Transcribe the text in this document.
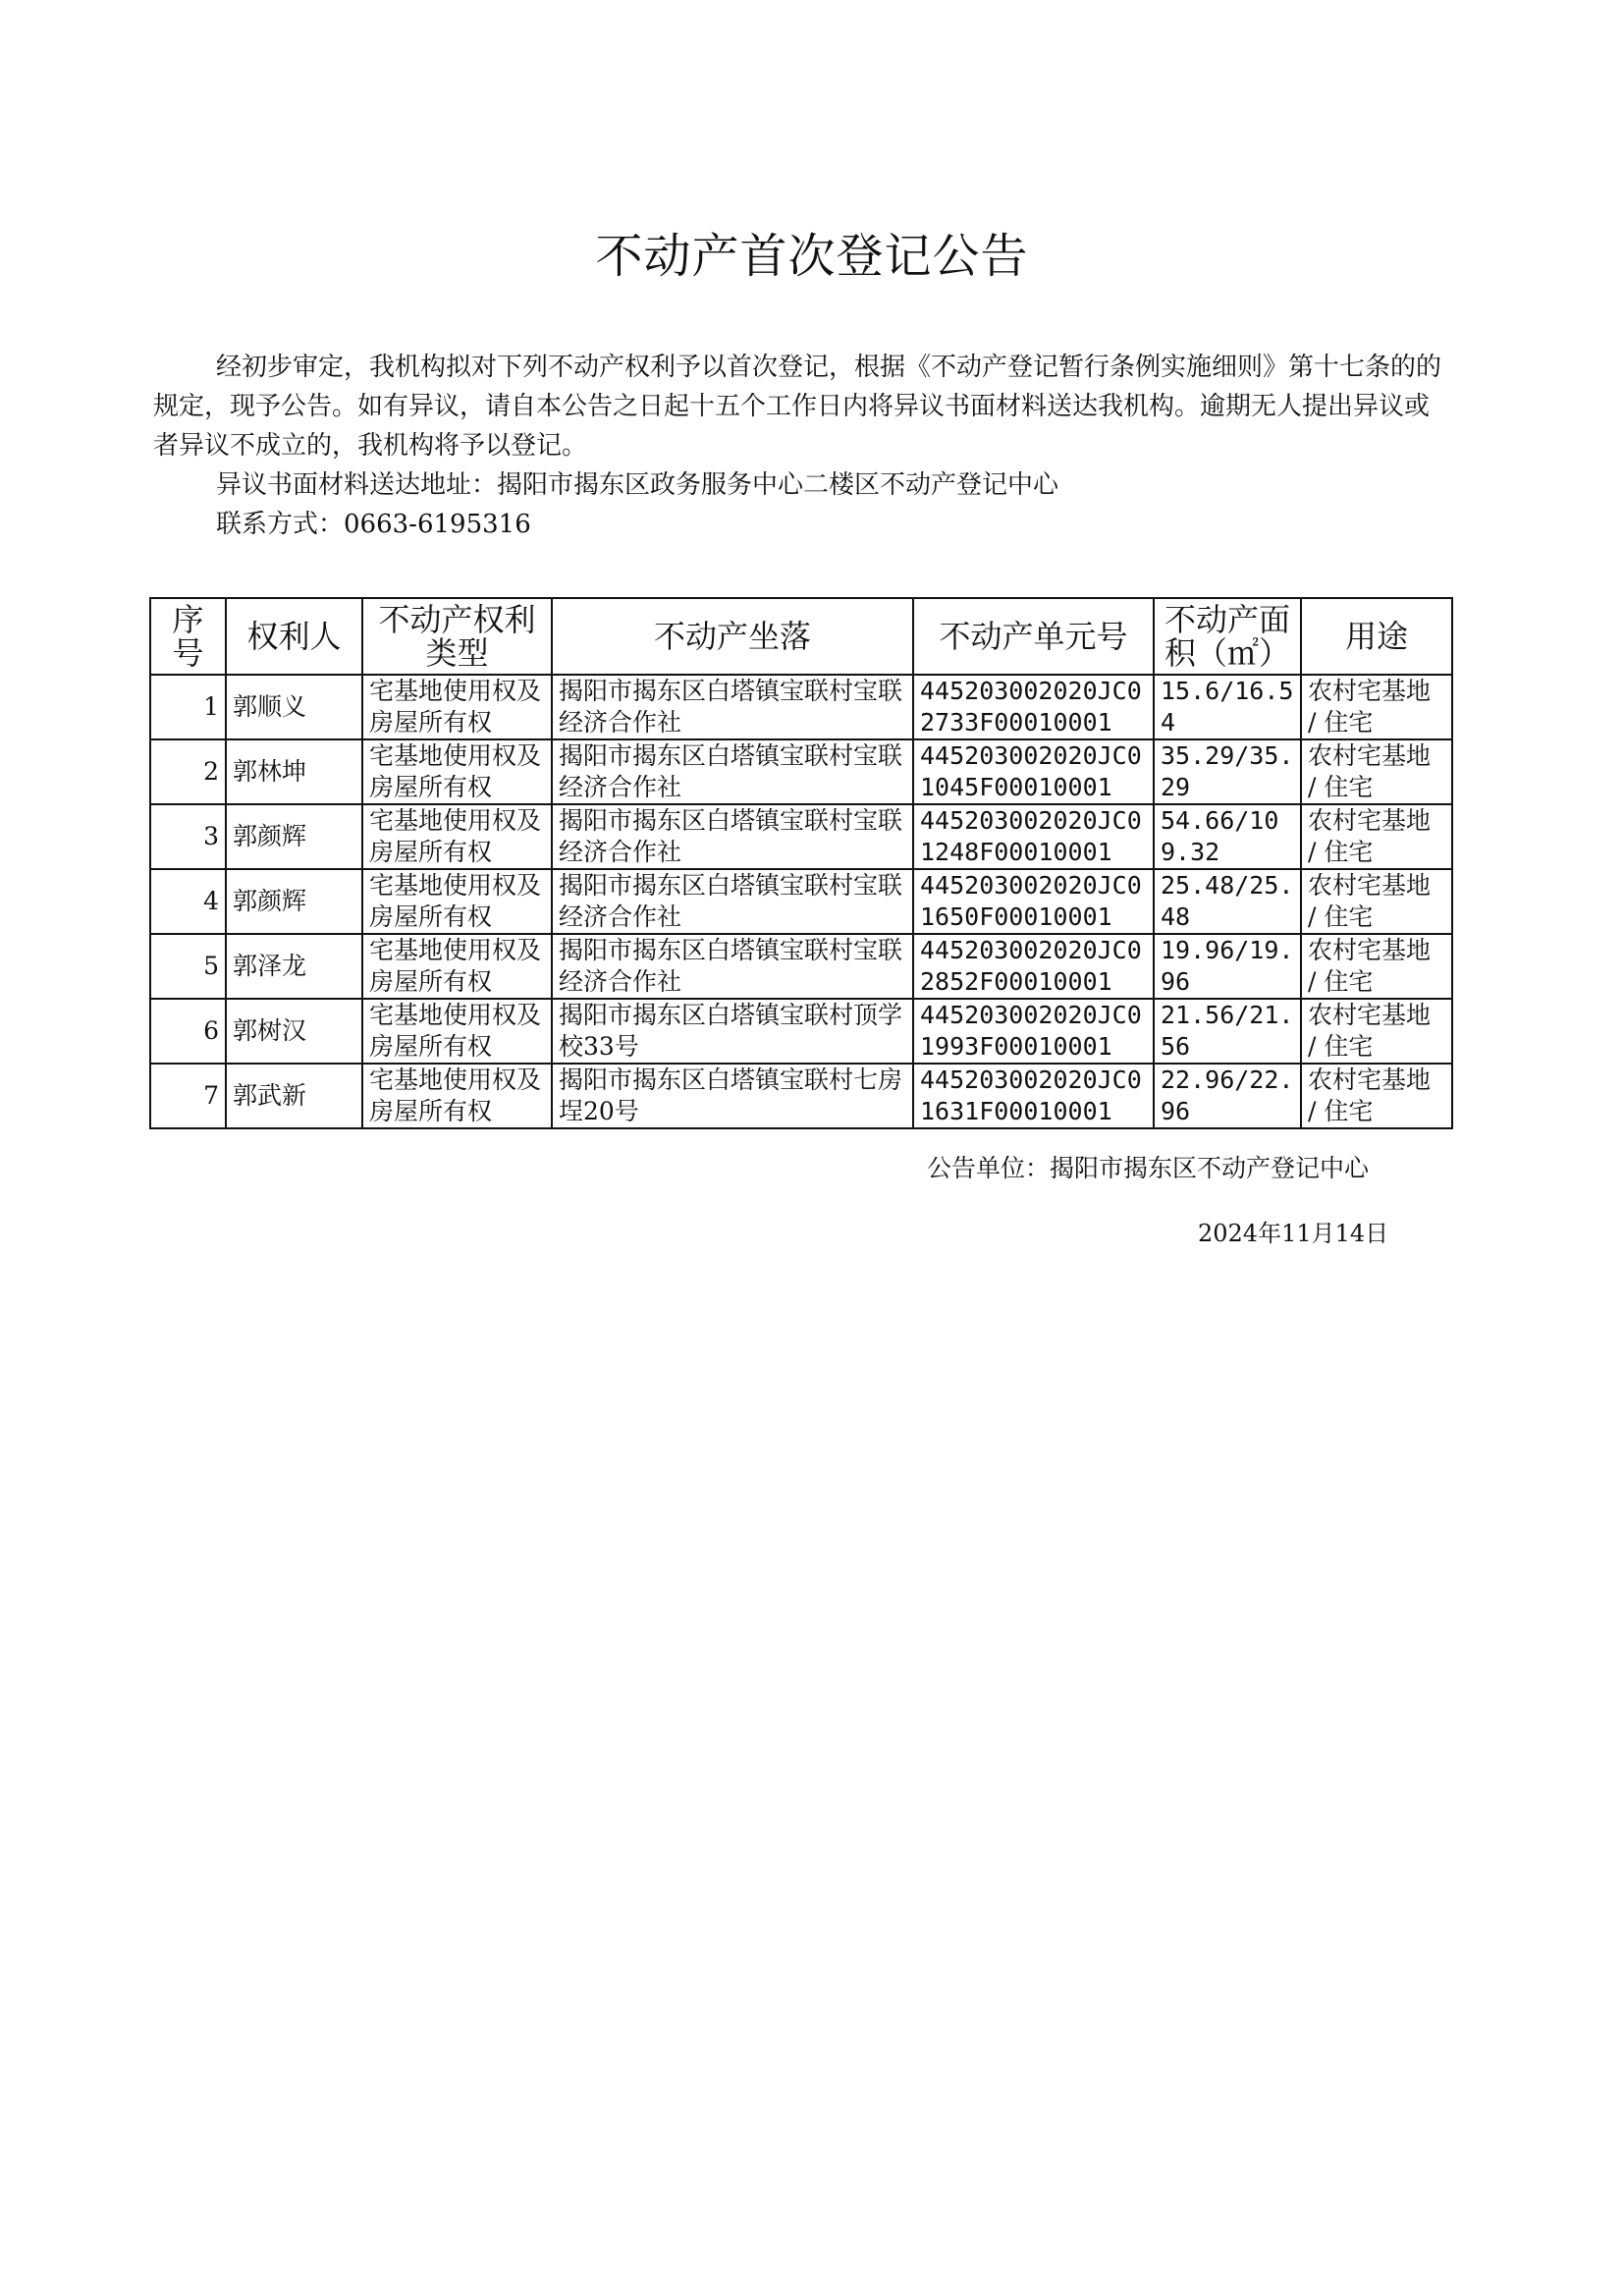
不动产首次登记公告
经初步审定，我机构拟对下列不动产权利予以首次登记，根据《不动产登记暂行条例实施细则》第十七条的的规定，现予公告。如有异议，请自本公告之日起十五个工作日内将异议书面材料送达我机构。逾期无人提出异议或者异议不成立的，我机构将予以登记。
异议书面材料送达地址：揭阳市揭东区政务服务中心二楼区不动产登记中心
联系方式：0663-6195316
序号	权利人	不动产权利类型	不动产坐落	不动产单元号	不动产面积（㎡）	用途
1	郭顺义	宅基地使用权及房屋所有权	揭阳市揭东区白塔镇宝联村宝联经济合作社	445203002020JC02733F00010001	15.6/16.54	农村宅基地 / 住宅
2	郭林坤	宅基地使用权及房屋所有权	揭阳市揭东区白塔镇宝联村宝联经济合作社	445203002020JC01045F00010001	35.29/35.29	农村宅基地 / 住宅
3	郭颜辉	宅基地使用权及房屋所有权	揭阳市揭东区白塔镇宝联村宝联经济合作社	445203002020JC01248F00010001	54.66/109.32	农村宅基地 / 住宅
4	郭颜辉	宅基地使用权及房屋所有权	揭阳市揭东区白塔镇宝联村宝联经济合作社	445203002020JC01650F00010001	25.48/25.48	农村宅基地 / 住宅
5	郭泽龙	宅基地使用权及房屋所有权	揭阳市揭东区白塔镇宝联村宝联经济合作社	445203002020JC02852F00010001	19.96/19.96	农村宅基地 / 住宅
6	郭树汉	宅基地使用权及房屋所有权	揭阳市揭东区白塔镇宝联村顶学校33号	445203002020JC01993F00010001	21.56/21.56	农村宅基地 / 住宅
7	郭武新	宅基地使用权及房屋所有权	揭阳市揭东区白塔镇宝联村七房埕20号	445203002020JC01631F00010001	22.96/22.96	农村宅基地 / 住宅
公告单位：揭阳市揭东区不动产登记中心
2024年11月14日
